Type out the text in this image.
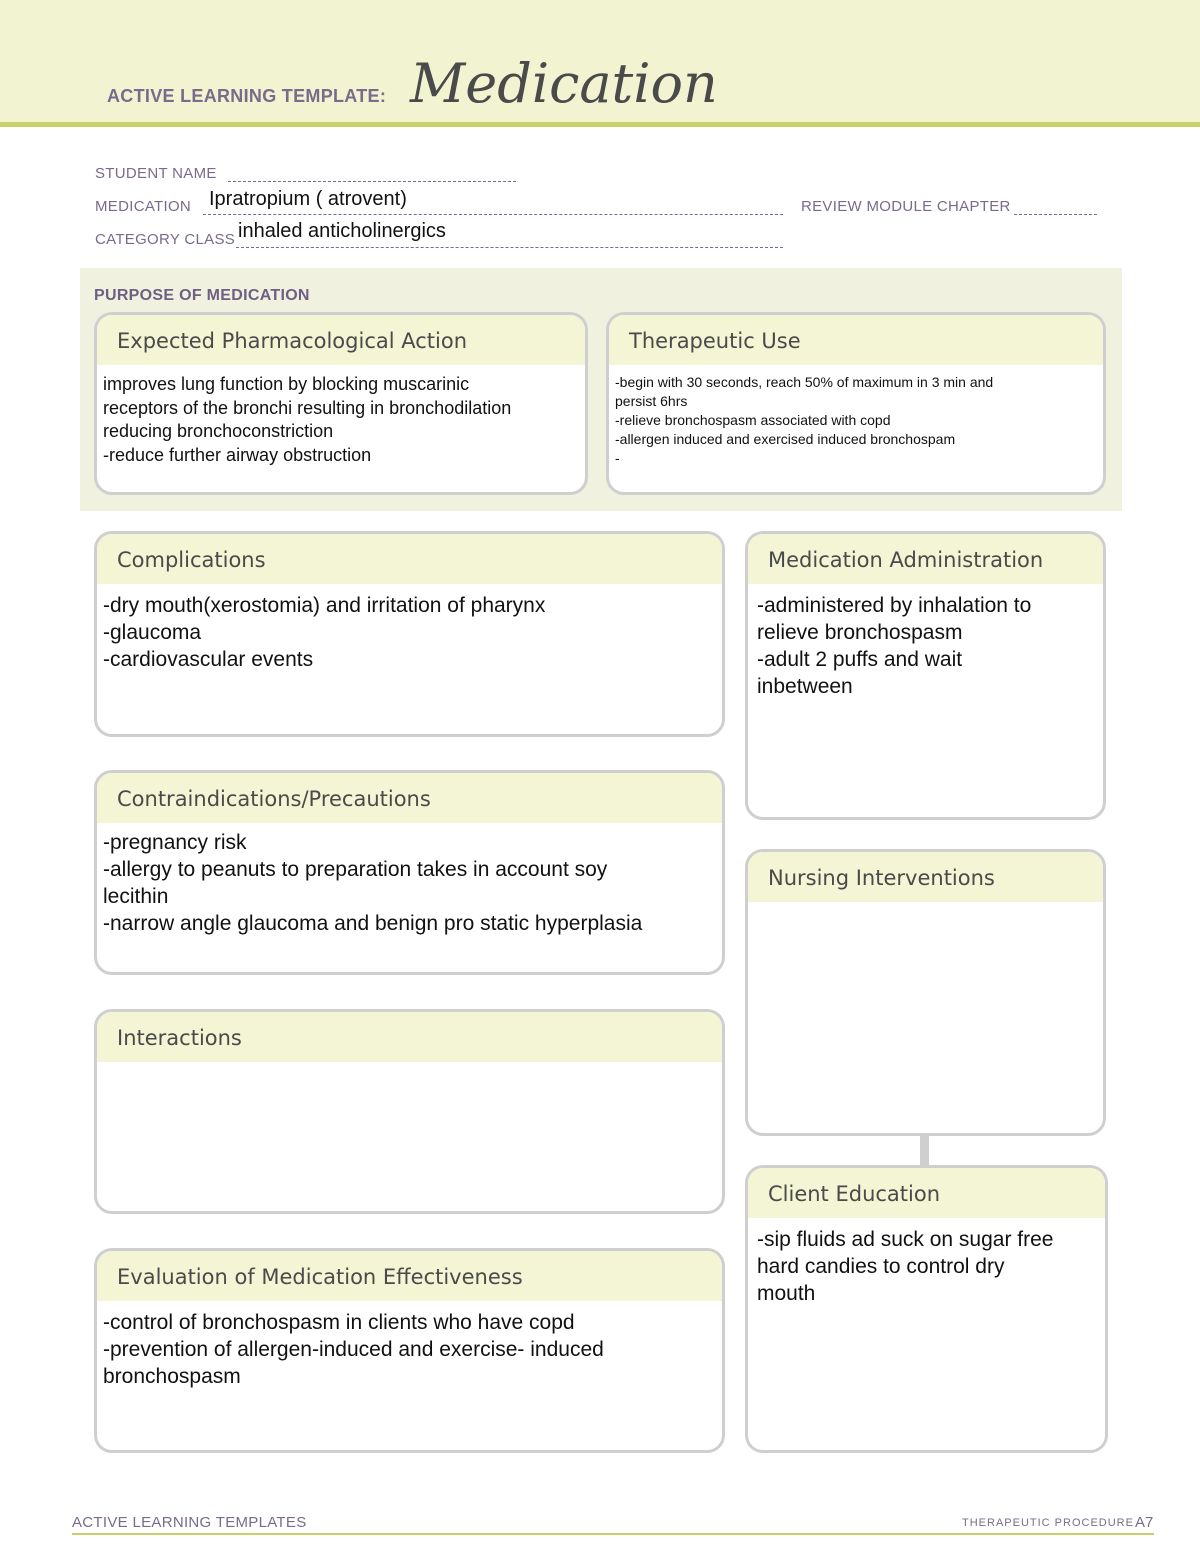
ACTIVE LEARNING TEMPLATE: Medication
STUDENT NAME
MEDICATION Ipratropium ( atrovent)	REVIEW MODULE CHAPTER
CATEGORY CLASS inhaled anticholinergics
PURPOSE OF MEDICATION
Expected Pharmacological Action
improves lung function by blocking muscarinic
receptors of the bronchi resulting in bronchodilation
reducing bronchoconstriction
-reduce further airway obstruction
Therapeutic Use
-begin with 30 seconds, reach 50% of maximum in 3 min and
persist 6hrs
-relieve bronchospasm associated with copd
-allergen induced and exercised induced bronchospam
-
Complications
-dry mouth(xerostomia) and irritation of pharynx
-glaucoma
-cardiovascular events
Medication Administration
-administered by inhalation to
relieve bronchospasm
-adult 2 puffs and wait
inbetween
Contraindications/Precautions
-pregnancy risk
-allergy to peanuts to preparation takes in account soy
lecithin
-narrow angle glaucoma and benign pro static hyperplasia
Nursing Interventions
Interactions
Client Education
-sip fluids ad suck on sugar free
hard candies to control dry
mouth
Evaluation of Medication Effectiveness
-control of bronchospasm in clients who have copd
-prevention of allergen-induced and exercise- induced
bronchospasm
ACTIVE LEARNING TEMPLATES	THERAPEUTIC PROCEDURE A7
